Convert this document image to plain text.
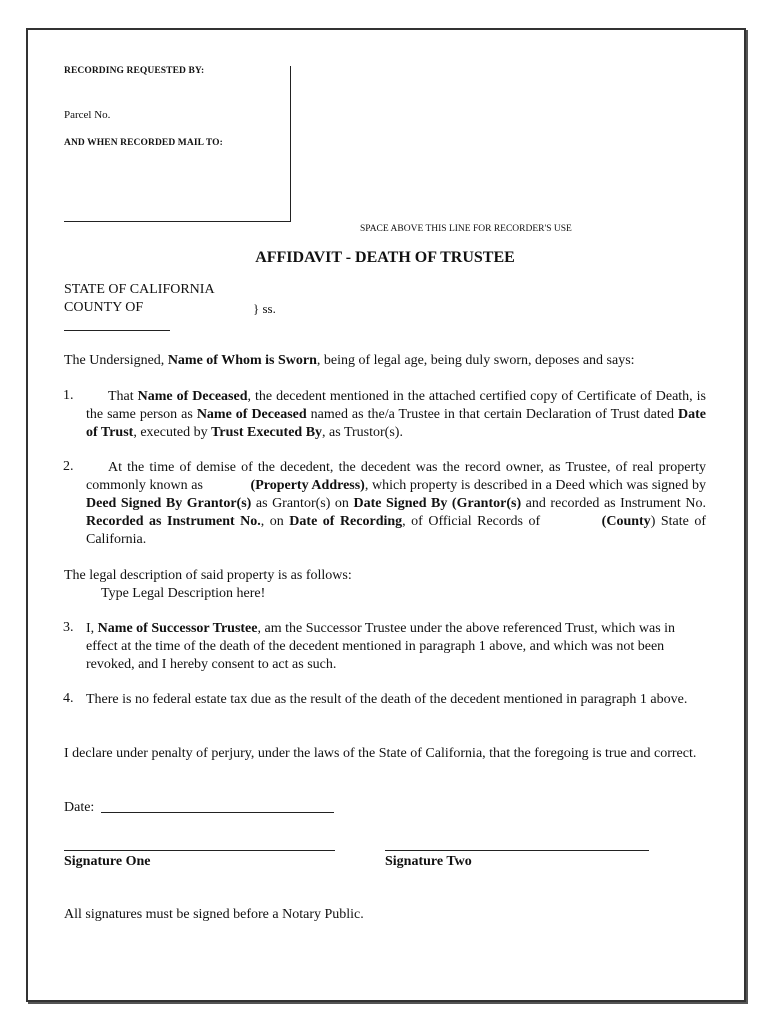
RECORDING REQUESTED BY:
Parcel No.
AND WHEN RECORDED MAIL TO:
SPACE ABOVE THIS LINE FOR RECORDER'S USE
AFFIDAVIT - DEATH OF TRUSTEE
STATE OF CALIFORNIA
COUNTY OF	} ss.
The Undersigned, Name of Whom is Sworn, being of legal age, being duly sworn, deposes and says:
1.	That Name of Deceased, the decedent mentioned in the attached certified copy of Certificate of Death, is the same person as Name of Deceased named as the/a Trustee in that certain Declaration of Trust dated Date of Trust, executed by Trust Executed By, as Trustor(s).
2.	At the time of demise of the decedent, the decedent was the record owner, as Trustee, of real property commonly known as	(Property Address), which property is described in a Deed which was signed by Deed Signed By Grantor(s) as Grantor(s) on Date Signed By (Grantor(s) and recorded as Instrument No. Recorded as Instrument No., on Date of Recording, of Official Records of	(County) State of California.
The legal description of said property is as follows:
Type Legal Description here!
3. I, Name of Successor Trustee, am the Successor Trustee under the above referenced Trust, which was in effect at the time of the death of the decedent mentioned in paragraph 1 above, and which was not been revoked, and I hereby consent to act as such.
4. There is no federal estate tax due as the result of the death of the decedent mentioned in paragraph 1 above.
I declare under penalty of perjury, under the laws of the State of California, that the foregoing is true and correct.
Date:
Signature One	Signature Two
All signatures must be signed before a Notary Public.
